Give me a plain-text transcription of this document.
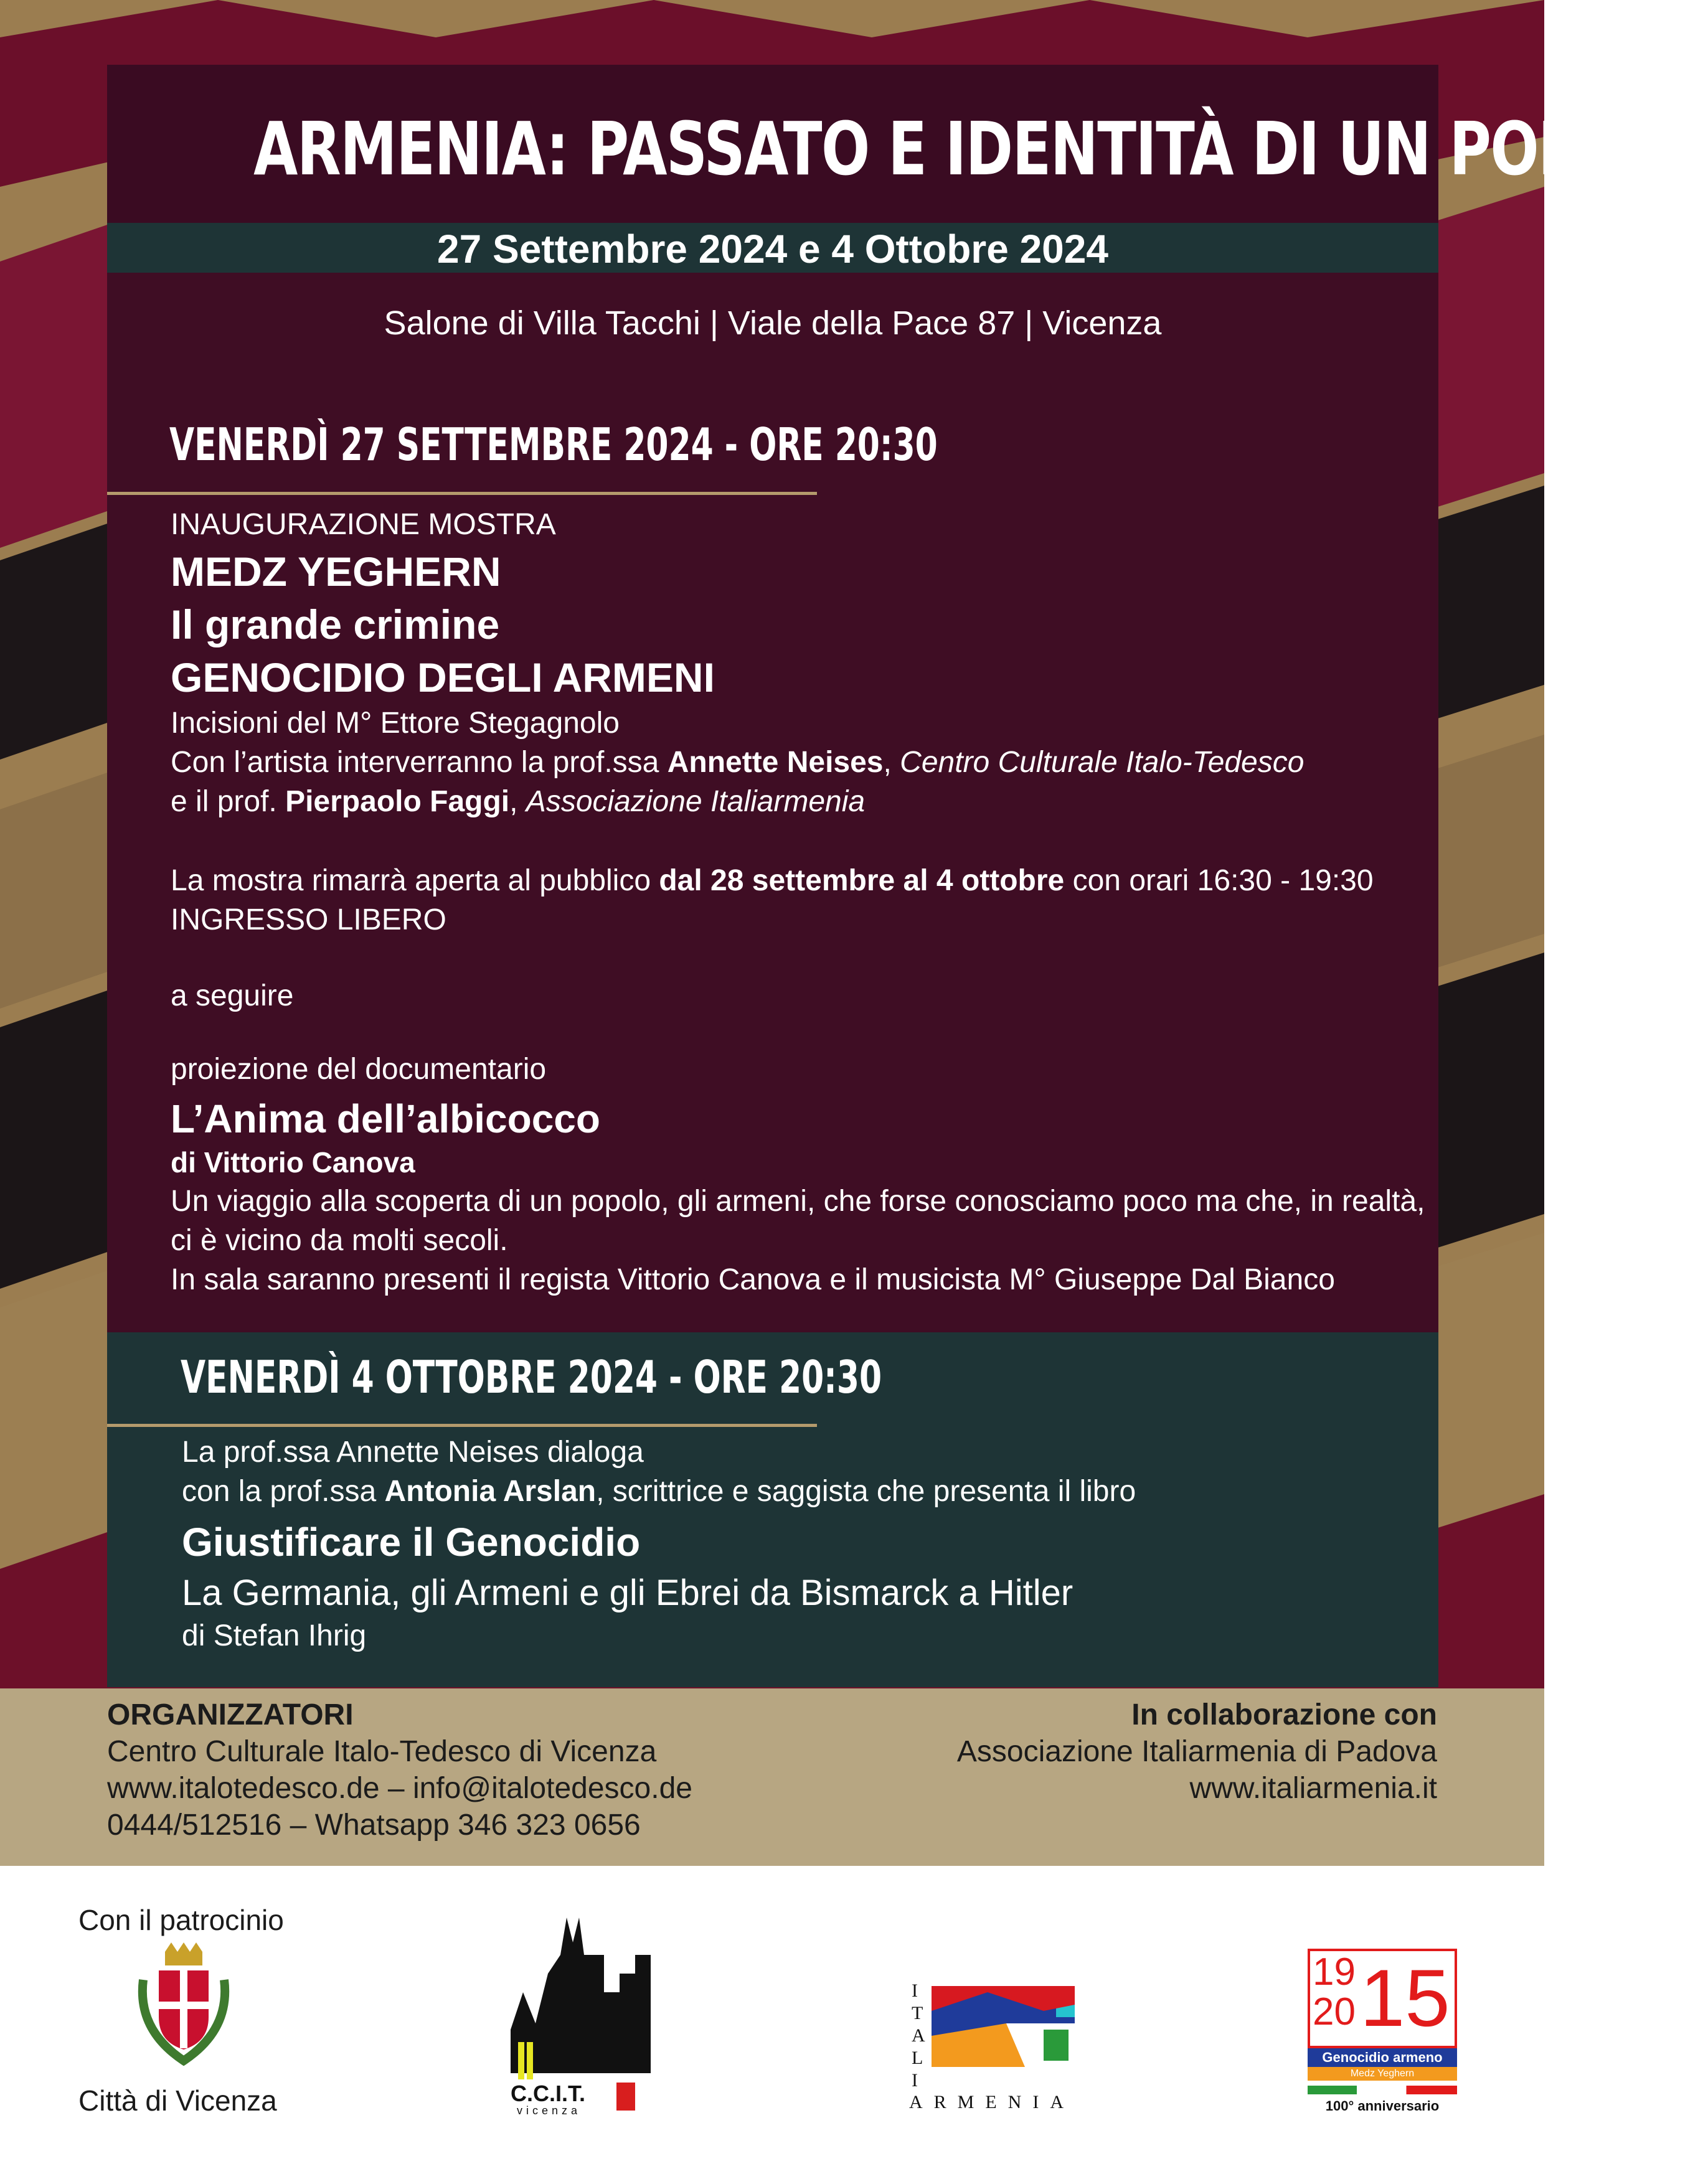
ARMENIA: PASSATO E IDENTITÀ DI UN POPOLO
27 Settembre 2024 e 4 Ottobre 2024
Salone di Villa Tacchi | Viale della Pace 87 | Vicenza
VENERDÌ 27 SETTEMBRE 2024 - ORE 20:30
INAUGURAZIONE MOSTRA
MEDZ YEGHERN
Il grande crimine
GENOCIDIO DEGLI ARMENI
Incisioni del M° Ettore Stegagnolo
Con l’artista interverranno la prof.ssa Annette Neises, Centro Culturale Italo-Tedesco
e il prof. Pierpaolo Faggi, Associazione Italiarmenia
La mostra rimarrà aperta al pubblico dal 28 settembre al 4 ottobre con orari 16:30 - 19:30
INGRESSO LIBERO
a seguire
proiezione del documentario
L’Anima dell’albicocco
di Vittorio Canova
Un viaggio alla scoperta di un popolo, gli armeni, che forse conosciamo poco ma che, in realtà,
ci è vicino da molti secoli.
In sala saranno presenti il regista Vittorio Canova e il musicista M° Giuseppe Dal Bianco
VENERDÌ 4 OTTOBRE 2024 - ORE 20:30
La prof.ssa Annette Neises dialoga
con la prof.ssa Antonia Arslan, scrittrice e saggista che presenta il libro
Giustificare il Genocidio
La Germania, gli Armeni e gli Ebrei da Bismarck a Hitler
di Stefan Ihrig
ORGANIZZATORI
Centro Culturale Italo-Tedesco di Vicenza
www.italotedesco.de – info@italotedesco.de
0444/512516 – Whatsapp 346 323 0656
In collaborazione con
Associazione Italiarmenia di Padova
www.italiarmenia.it
Con il patrocinio
Città di Vicenza	C.C.I.T.
vicenza
ITALI
ARMENIA
19
20 15
Genocidio armeno
Medz Yeghern
100° anniversario
